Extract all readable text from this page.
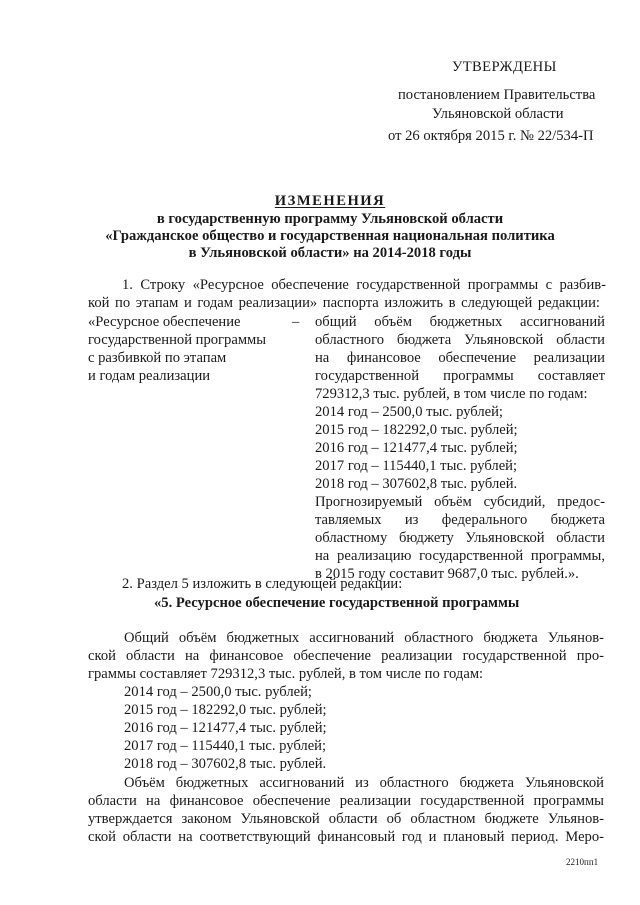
УТВЕРЖДЕНЫ
постановлением Правительства
Ульяновской области
от 26 октября 2015 г. № 22/534-П
ИЗМЕНЕНИЯ
в государственную программу Ульяновской области
«Гражданское общество и государственная национальная политика
в Ульяновской области» на 2014-2018 годы
1. Строку «Ресурсное обеспечение государственной программы с разбив-
кой по этапам и годам реализации» паспорта изложить в следующей редакции:
«Ресурсное обеспечение
государственной программы
с разбивкой по этапам
и годам реализации
– общий объём бюджетных ассигнований
областного бюджета Ульяновской области
на финансовое обеспечение реализации
государственной программы составляет
729312,3 тыс. рублей, в том числе по годам:
2014 год – 2500,0 тыс. рублей;
2015 год – 182292,0 тыс. рублей;
2016 год – 121477,4 тыс. рублей;
2017 год – 115440,1 тыс. рублей;
2018 год – 307602,8 тыс. рублей.
Прогнозируемый объём субсидий, предос-
тавляемых из федерального бюджета
областному бюджету Ульяновской области
на реализацию государственной программы,
в 2015 году составит 9687,0 тыс. рублей.».
2. Раздел 5 изложить в следующей редакции:
«5. Ресурсное обеспечение государственной программы
Общий объём бюджетных ассигнований областного бюджета Ульянов-
ской области на финансовое обеспечение реализации государственной про-
граммы составляет 729312,3 тыс. рублей, в том числе по годам:
2014 год – 2500,0 тыс. рублей;
2015 год – 182292,0 тыс. рублей;
2016 год – 121477,4 тыс. рублей;
2017 год – 115440,1 тыс. рублей;
2018 год – 307602,8 тыс. рублей.
Объём бюджетных ассигнований из областного бюджета Ульяновской
области на финансовое обеспечение реализации государственной программы
утверждается законом Ульяновской области об областном бюджете Ульянов-
ской области на соответствующий финансовый год и плановый период. Меро-
2210пп1
